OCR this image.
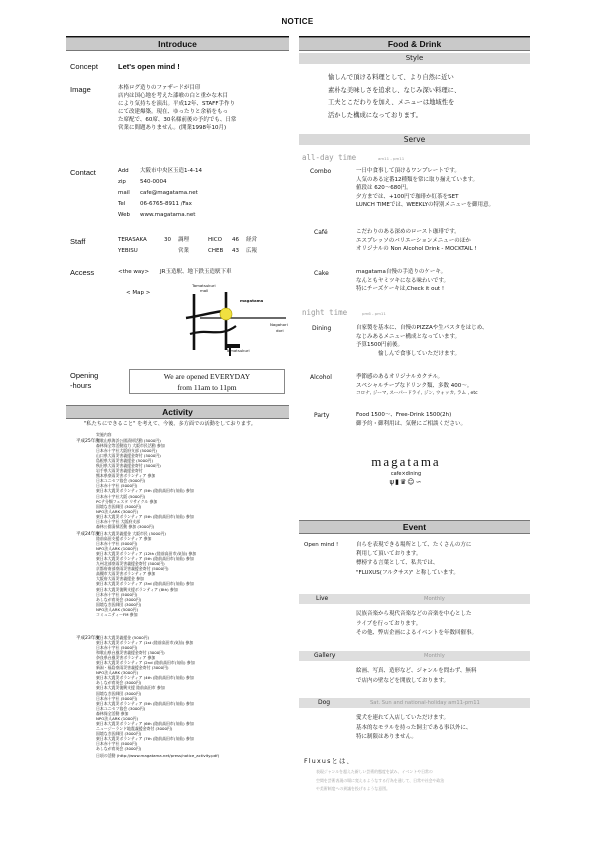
NOTICE
Introduce
Concept	Let's open mind !
Image	本格ログ造りのファザードが目印
店内は国心地を考えた漆喰の白と重かな木目
により気持ちを演出。平成12年、STAFF手作り
にて改建爆築。現在、ゆったりと余裕をもっ
た席配で、60席、30名様前後の予約でも、日常
営業に間題ありません。(開業1998年10月)
Contact	Add	大阪市中央区玉造1-4-14
zip	540-0004
mail	cafe@magatama.net
Tel	06-6765-8911 /Fax
Web	www.magatama.net
Staff	TERASAKA	30	調理	HICO	46	経営
YEBISU	営業	CHEB	43	広報
Access	<the way> JR玉造駅、地下鉄玉造駅下車
< Map >
Tamatsukuri
mall
magatama
Nagahori
dori
Tamatsukuri
Opening
-hours
We are opened EVERYDAY
from 11am to 11pm
Activity
"私たちにできること" を考えて、今後、多方面での活動をしております。
実施内容
平成25年度
和歌山県海浜公園清掃活動 (5000円)
森林保全等活動協力 大阪市民活動 参加
日本赤十字社大阪府支部 (5000円)
山口県大雨災害義援金寄付 (5000円)
島根県大雨災害義援金 (5000円)
秋田県大雨災害義援金寄付 (5000円)
岩手県大雨災害義援金寄付
熊本県豪雨災害ボランティア 参加
日本ユニセフ協会 (5000円)
日本赤十字社 (5000円)
東日本大震災ボランティア (5th (陸前高田市)気仙) 参加
日本赤十字社大阪 (5000円)
PCテ分類フェスタ リサイクル 参加
国境なき医師団 (3000円)
NPO法人ARK (3000円)
東日本大震災ボランティア (5th (陸前高田市)気仙) 参加
日本赤十字社 大阪府支部
森林公園清掃活動 参加 (3000円)
平成24年度
東日本大震災義援金 大阪市民 (5000円)
陸前高田支援ボランティア 参加
日本赤十字社 (5000円)
NPO法人ARK (1000円)
東日本大震災ボランティア (12th (陸前高田市)気仙) 参加
東日本大震災ボランティア (5th (陸前高田市)気仙) 参加
九州北部豪雨災害義援金寄付 (5000円)
京都府南部豪雨災害義援金寄付 (5000円)
高槻市大雨災害ボランティア 参加
大阪府大雨災害義援金 参加
東日本大震災ボランティア (3rd (陸前高田市)気仙) 参加
東日本大震災復興支援ボランティア (8th) 参加
日本赤十字社 (5000円)
あしなが育英会 (3000円)
国境なき医師団 (3000円)
NPO法人ARK (5000円)
コミュニティーFM 参加
平成23年度
東日本大震災義援金 (5000円)
東日本大震災ボランティア (1st (陸前高田市)気仙) 参加
日本赤十字社 (5000円)
和歌山県台風災害義援金寄付 (3000円)
奈良県台風災害ボランティア 参加
東日本大震災ボランティア (2nd (陸前高田市)気仙) 参加
新潟・福島豪雨災害義援金寄付 (3000円)
NPO法人ARK (3000円)
東日本大震災ボランティア (4th (陸前高田市)気仙) 参加
あしなが育英会 (3000円)
東日本大震災復興支援 陸前高田市 参加
国境なき医師団 (3000円)
日本赤十字社 (5000円)
東日本大震災ボランティア (5th (陸前高田市)気仙) 参加
日本ユニセフ協会 (3000円)
森林保全活動 参加
NPO法人ARK (1000円)
東日本大震災ボランティア (6th (陸前高田市)気仙) 参加
ニュージーランド地震義援金寄付 (3000円)
国境なき医師団 (3000円)
東日本大震災ボランティア (7th (陸前高田市)気仙) 参加
日本赤十字社 (5000円)
あしなが育英会 (3000円)
日頃の活動 (http://www.magatama.net/press/notice_activity.pdf)
Food & Drink
Style
愉しんで頂ける料理として、より自然に近い
素朴な美味しさを追求し、なじみ深い料理に、
工夫とこだわりを加え、メニューは地域性を
活かした構成になっております。
Serve
all-day time	am11 - pm11
Combo	一日中食事して頂けるワンプレートです。
人気のある定番12種類を常に取り揃えています。
値段は 620〜680円。
夕方までは、+100円で珈琲か紅茶をSET
LUNCH TIMEでは、WEEKLYの特別メニューを御用意。
Café	こだわりのある深めのロースト珈琲です。
エスプレッソのバリエーションメニューのほか
オリジナルの Non Alcohol Drink - MOCKTAIL !
Cake	magatama自慢の手造りのケーキ。
なんともヤミツキになる味わいです。
特にチーズケーキは,Check it out !
night time	pm6 - pm11
Dining	自家製を基本に、自慢のPIZZAや生パスタをはじめ、
なじみあるメニュー構成となっています。
予算1500円前後。
愉しんで食事していただけます。
Alcohol	季節感のあるオリジナルカクテル。
スペシャルチープなドリンク類、多数 400〜。
コロナ, ジーマ, スーパードライ, ジン, ウォッカ, ラム , etc
Party	Food 1500〜、Free-Drink 1500(2h)
御予約・御利用は、気軽にご相談ください。
magatama
cafe×dining
ψ▮♛☺∽
Event
Open mind !	自らを表現できる場所として、たくさんの方に
利用して頂いております。
標榜する言葉として、私共では、
"FLUXUS(フルクサス)" と称しています。
Live	Monthly
民族音楽から現代音楽などの音楽を中心とした
ライブを行っております。
その他、弊店企画によるイベントを年数回催事。
Gallery	Monthly
絵画、写真、造形など、ジャンルを問わず、無料
で店内の壁などを開放しております。
Dog	Sat. Sun and national-holiday am11-pm11
愛犬を連れて入店していただけます。
基本的なモラルを持った飼主である事以外に、
特に制限はありません。
Fluxusとは、
表現ジャンルを超えた新しい芸術的態度を試み、イベントや日常の
空間を芸術表現の場に変えるようなする行為を通して、日常や社会や政治
や美術制度への異議を投げるような意図。
